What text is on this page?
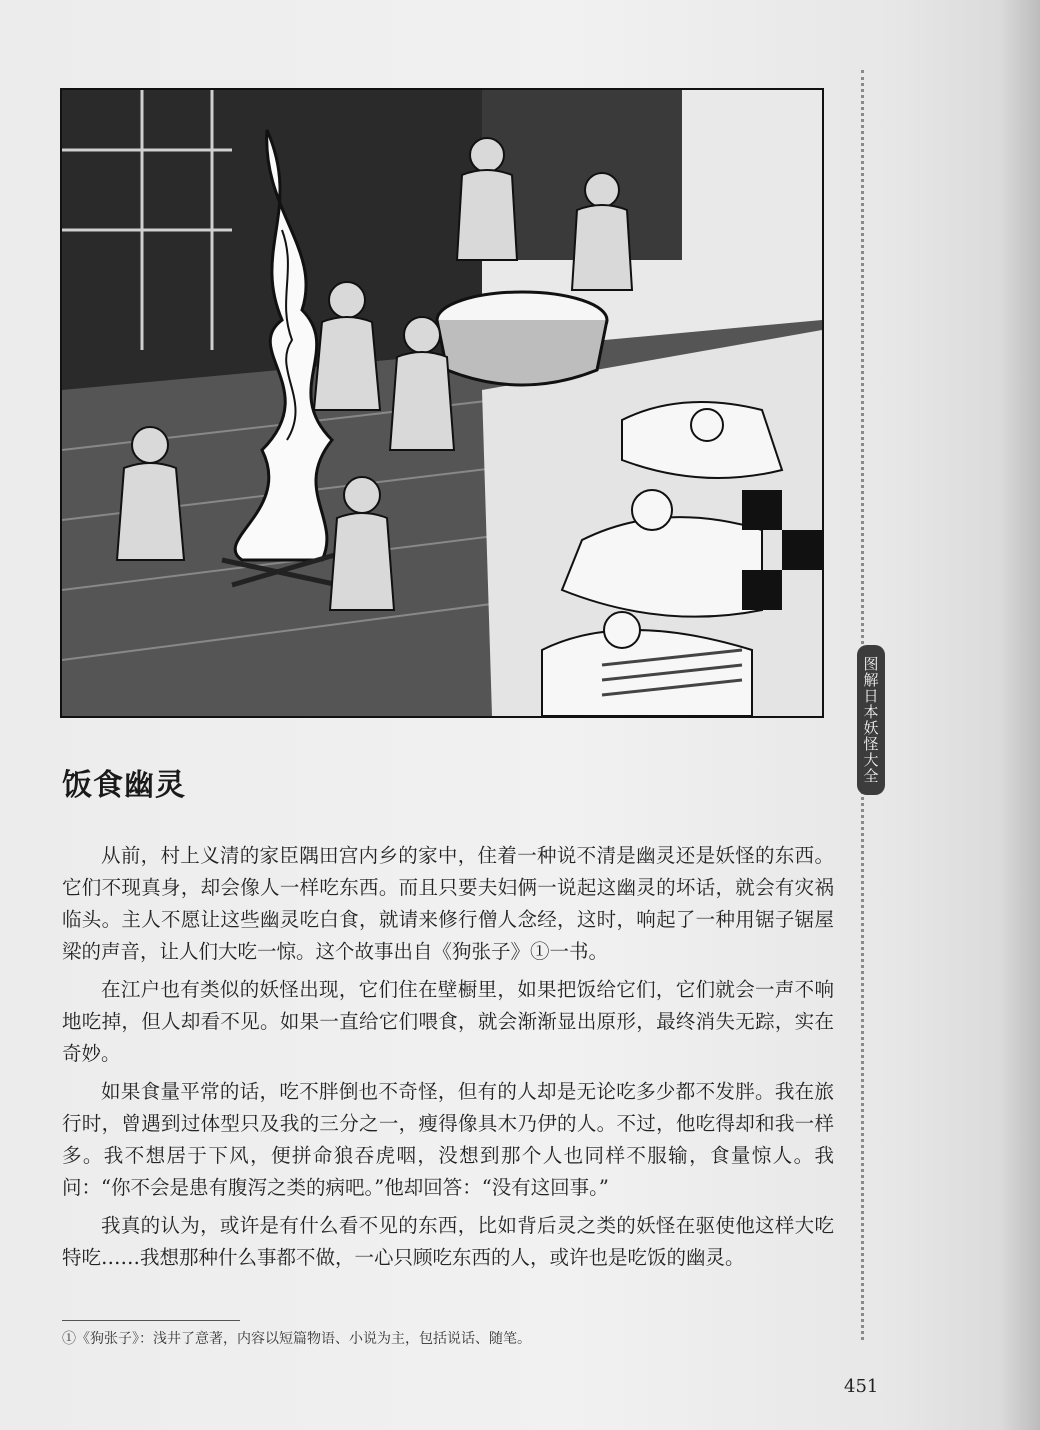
图解日本妖怪大全
饭食幽灵

从前，村上义清的家臣隅田宫内乡的家中，住着一种说不清是幽灵还是妖怪的东西。它们不现真身，却会像人一样吃东西。而且只要夫妇俩一说起这幽灵的坏话，就会有灾祸临头。主人不愿让这些幽灵吃白食，就请来修行僧人念经，这时，响起了一种用锯子锯屋梁的声音，让人们大吃一惊。这个故事出自《狗张子》①一书。

在江户也有类似的妖怪出现，它们住在壁橱里，如果把饭给它们，它们就会一声不响地吃掉，但人却看不见。如果一直给它们喂食，就会渐渐显出原形，最终消失无踪，实在奇妙。

如果食量平常的话，吃不胖倒也不奇怪，但有的人却是无论吃多少都不发胖。我在旅行时，曾遇到过体型只及我的三分之一，瘦得像具木乃伊的人。不过，他吃得却和我一样多。我不想居于下风，便拼命狼吞虎咽，没想到那个人也同样不服输，食量惊人。我问：“你不会是患有腹泻之类的病吧。”他却回答：“没有这回事。”

我真的认为，或许是有什么看不见的东西，比如背后灵之类的妖怪在驱使他这样大吃特吃……我想那种什么事都不做，一心只顾吃东西的人，或许也是吃饭的幽灵。

①《狗张子》：浅井了意著，内容以短篇物语、小说为主，包括说话、随笔。
451
